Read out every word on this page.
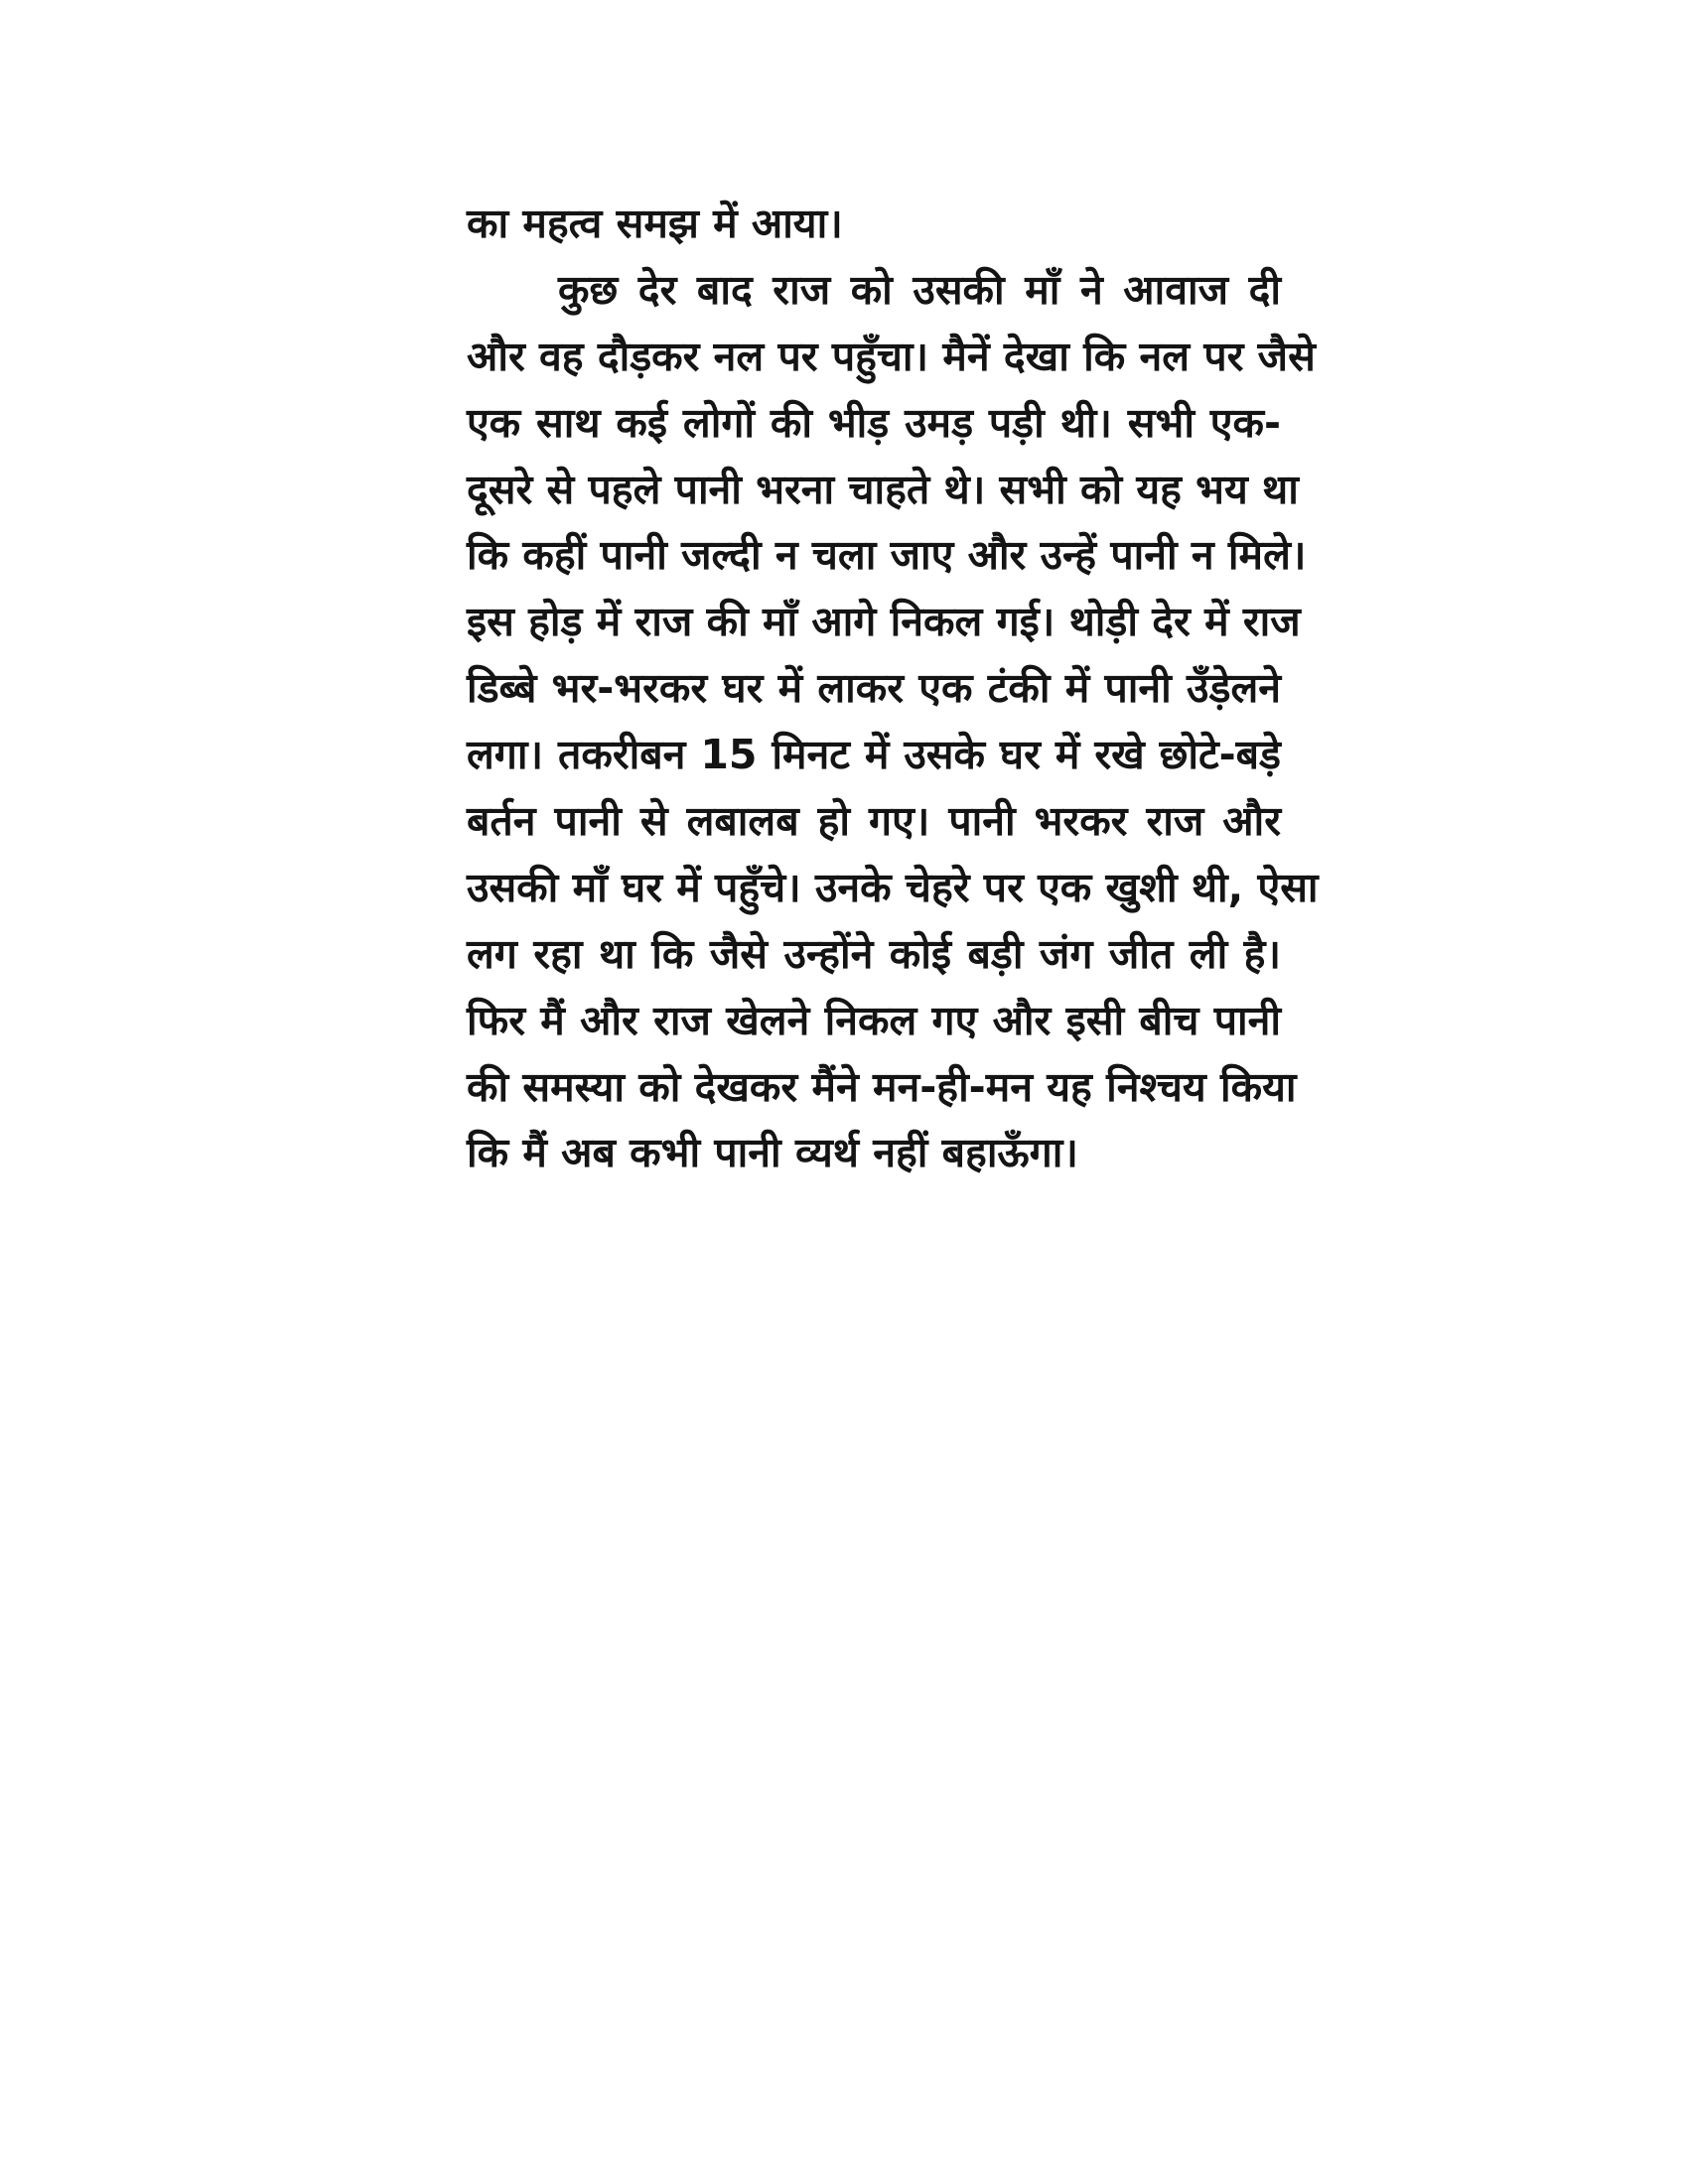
का महत्व समझ में आया।
कुछ देर बाद राज को उसकी माँ ने आवाज दी
और वह दौड़कर नल पर पहुँचा। मैनें देखा कि नल पर जैसे
एक साथ कई लोगों की भीड़ उमड़ पड़ी थी। सभी एक-
दूसरे से पहले पानी भरना चाहते थे। सभी को यह भय था
कि कहीं पानी जल्दी न चला जाए और उन्हें पानी न मिले।
इस होड़ में राज की माँ आगे निकल गई। थोड़ी देर में राज
डिब्बे भर-भरकर घर में लाकर एक टंकी में पानी उँड़ेलने
लगा। तकरीबन 15 मिनट में उसके घर में रखे छोटे-बड़े
बर्तन पानी से लबालब हो गए। पानी भरकर राज और
उसकी माँ घर में पहुँचे। उनके चेहरे पर एक खुशी थी, ऐसा
लग रहा था कि जैसे उन्होंने कोई बड़ी जंग जीत ली है।
फिर मैं और राज खेलने निकल गए और इसी बीच पानी
की समस्या को देखकर मैंने मन-ही-मन यह निश्चय किया
कि मैं अब कभी पानी व्यर्थ नहीं बहाऊँगा।
